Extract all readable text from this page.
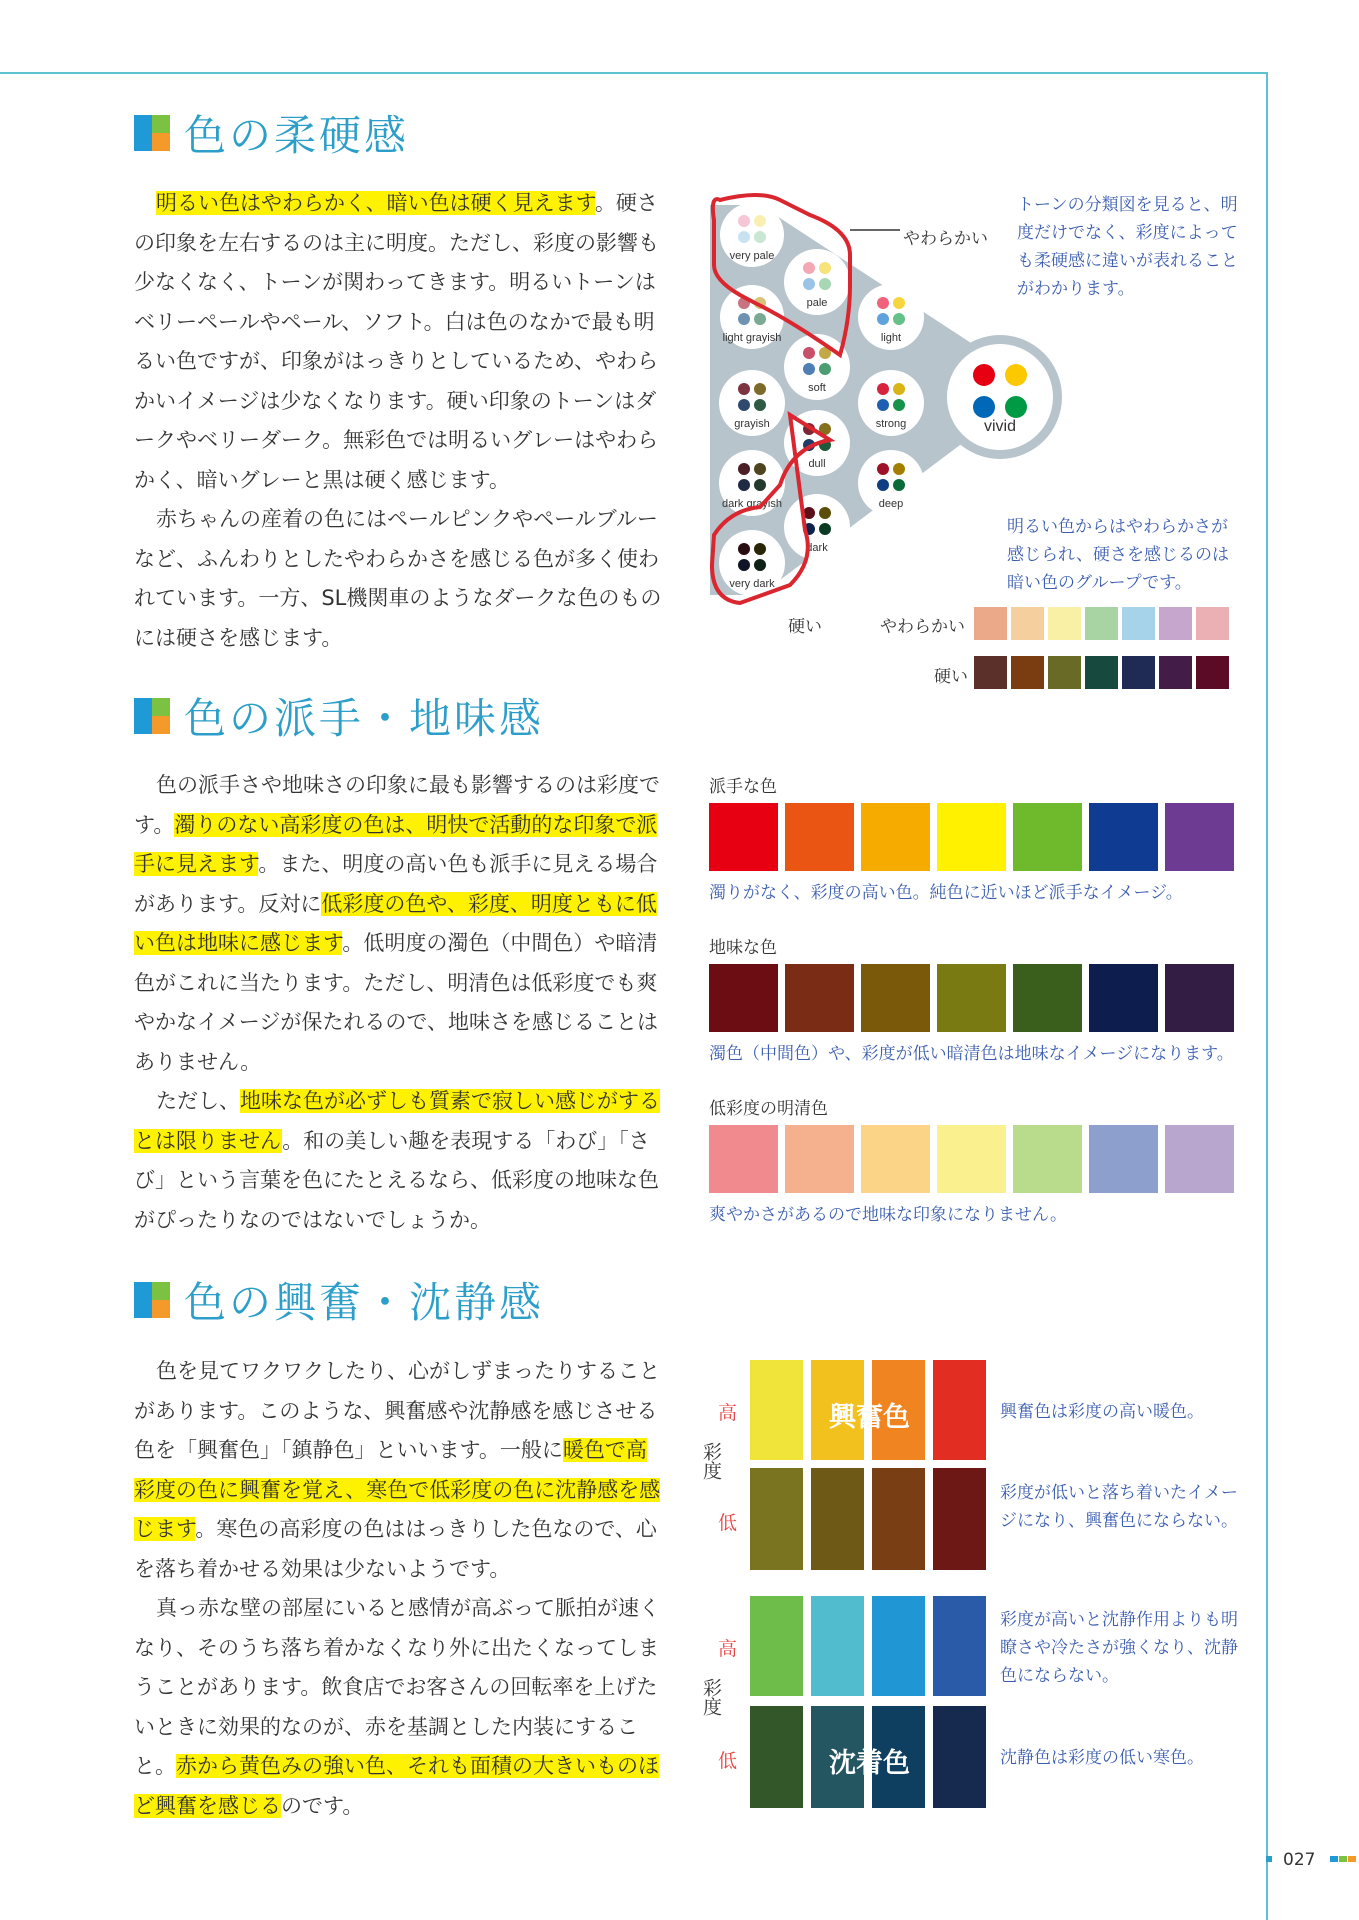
色の柔硬感

明るい色はやわらかく、暗い色は硬く見えます。硬さの印象を左右するのは主に明度。ただし、彩度の影響も少なくなく、トーンが関わってきます。明るいトーンはベリーペールやペール、ソフト。白は色のなかで最も明るい色ですが、印象がはっきりとしているため、やわらかいイメージは少なくなります。硬い印象のトーンはダークやベリーダーク。無彩色では明るいグレーはやわらかく、暗いグレーと黒は硬く感じます。

赤ちゃんの産着の色にはペールピンクやペールブルーなど、ふんわりとしたやわらかさを感じる色が多く使われています。一方、SL機関車のようなダークな色のものには硬さを感じます。

very pale
pale
light grayish	light
soft
grayish	strong	vivid
dull
dark grayish	deep
dark
very dark
やわらかい
硬い
トーンの分類図を見ると、明度だけでなく、彩度によっても柔硬感に違いが表れることがわかります。
明るい色からはやわらかさが感じられ、硬さを感じるのは暗い色のグループです。
やわらかい
硬い
色の派手・地味感

色の派手さや地味さの印象に最も影響するのは彩度です。濁りのない高彩度の色は、明快で活動的な印象で派手に見えます。また、明度の高い色も派手に見える場合があります。反対に低彩度の色や、彩度、明度ともに低い色は地味に感じます。低明度の濁色（中間色）や暗清色がこれに当たります。ただし、明清色は低彩度でも爽やかなイメージが保たれるので、地味さを感じることはありません。

ただし、地味な色が必ずしも質素で寂しい感じがするとは限りません。和の美しい趣を表現する「わび」「さび」という言葉を色にたとえるなら、低彩度の地味な色がぴったりなのではないでしょうか。

派手な色
濁りがなく、彩度の高い色。純色に近いほど派手なイメージ。
地味な色
濁色（中間色）や、彩度が低い暗清色は地味なイメージになります。
低彩度の明清色
爽やかさがあるので地味な印象になりません。
色の興奮・沈静感

色を見てワクワクしたり、心がしずまったりすることがあります。このような、興奮感や沈静感を感じさせる色を「興奮色」「鎮静色」といいます。一般に暖色で高彩度の色に興奮を覚え、寒色で低彩度の色に沈静感を感じます。寒色の高彩度の色ははっきりした色なので、心を落ち着かせる効果は少ないようです。

真っ赤な壁の部屋にいると感情が高ぶって脈拍が速くなり、そのうち落ち着かなくなり外に出たくなってしまうことがあります。飲食店でお客さんの回転率を上げたいときに効果的なのが、赤を基調とした内装にすること。赤から黄色みの強い色、それも面積の大きいものほど興奮を感じるのです。

高
低
彩度
高
低
彩度
興奮色
沈着色
興奮色は彩度の高い暖色。
彩度が低いと落ち着いたイメージになり、興奮色にならない。
彩度が高いと沈静作用よりも明瞭さや冷たさが強くなり、沈静色にならない。
沈静色は彩度の低い寒色。
027
